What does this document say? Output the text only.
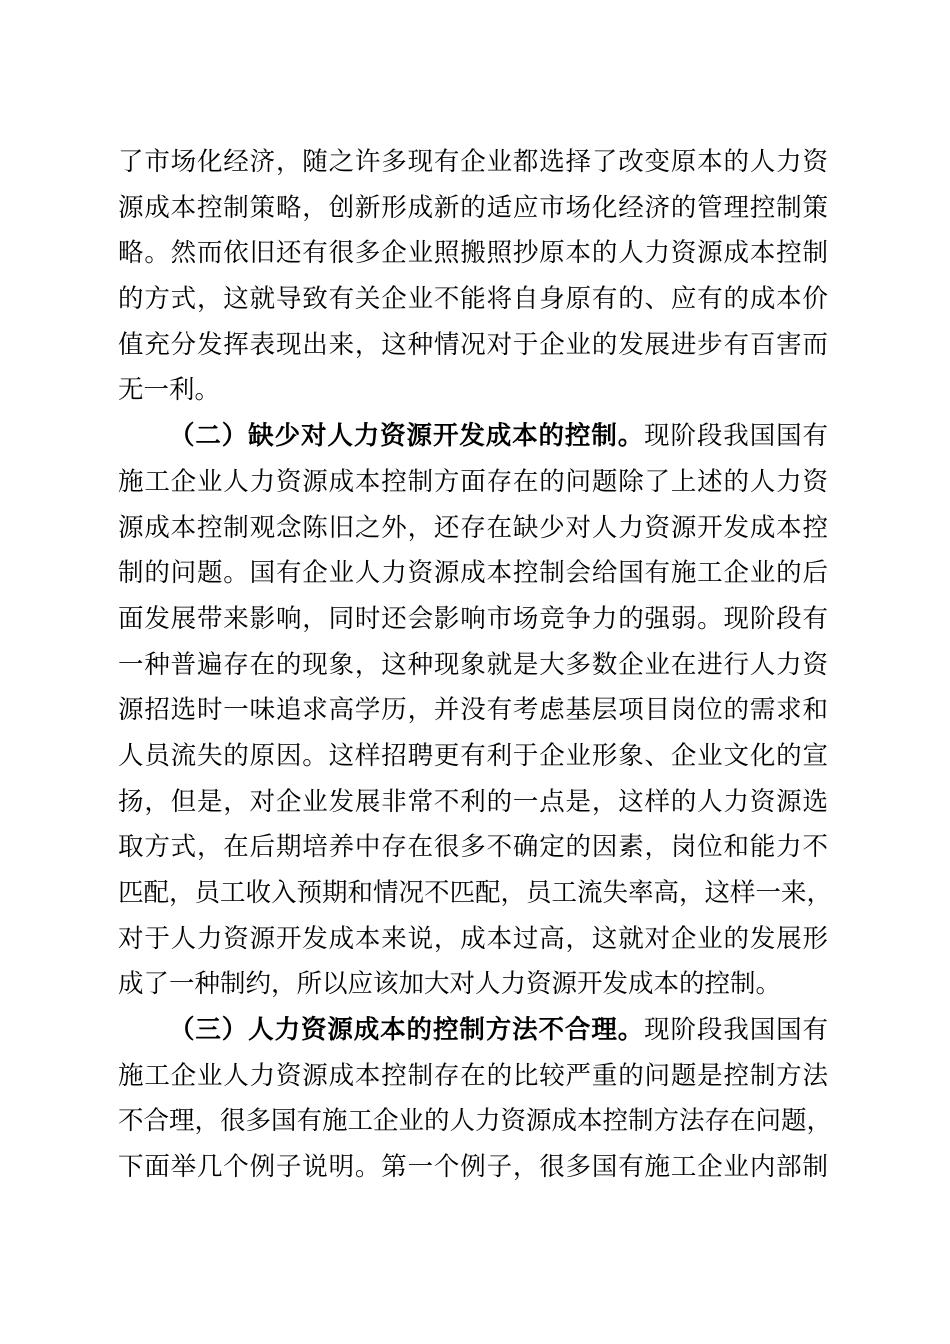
了市场化经济，随之许多现有企业都选择了改变原本的人力资
源成本控制策略，创新形成新的适应市场化经济的管理控制策
略。然而依旧还有很多企业照搬照抄原本的人力资源成本控制
的方式，这就导致有关企业不能将自身原有的、应有的成本价
值充分发挥表现出来，这种情况对于企业的发展进步有百害而
无一利。
（二）缺少对人力资源开发成本的控制。现阶段我国国有
施工企业人力资源成本控制方面存在的问题除了上述的人力资
源成本控制观念陈旧之外，还存在缺少对人力资源开发成本控
制的问题。国有企业人力资源成本控制会给国有施工企业的后
面发展带来影响，同时还会影响市场竞争力的强弱。现阶段有
一种普遍存在的现象，这种现象就是大多数企业在进行人力资
源招选时一味追求高学历，并没有考虑基层项目岗位的需求和
人员流失的原因。这样招聘更有利于企业形象、企业文化的宣
扬，但是，对企业发展非常不利的一点是，这样的人力资源选
取方式，在后期培养中存在很多不确定的因素，岗位和能力不
匹配，员工收入预期和情况不匹配，员工流失率高，这样一来，
对于人力资源开发成本来说，成本过高，这就对企业的发展形
成了一种制约，所以应该加大对人力资源开发成本的控制。
（三）人力资源成本的控制方法不合理。现阶段我国国有
施工企业人力资源成本控制存在的比较严重的问题是控制方法
不合理，很多国有施工企业的人力资源成本控制方法存在问题，
下面举几个例子说明。第一个例子，很多国有施工企业内部制
